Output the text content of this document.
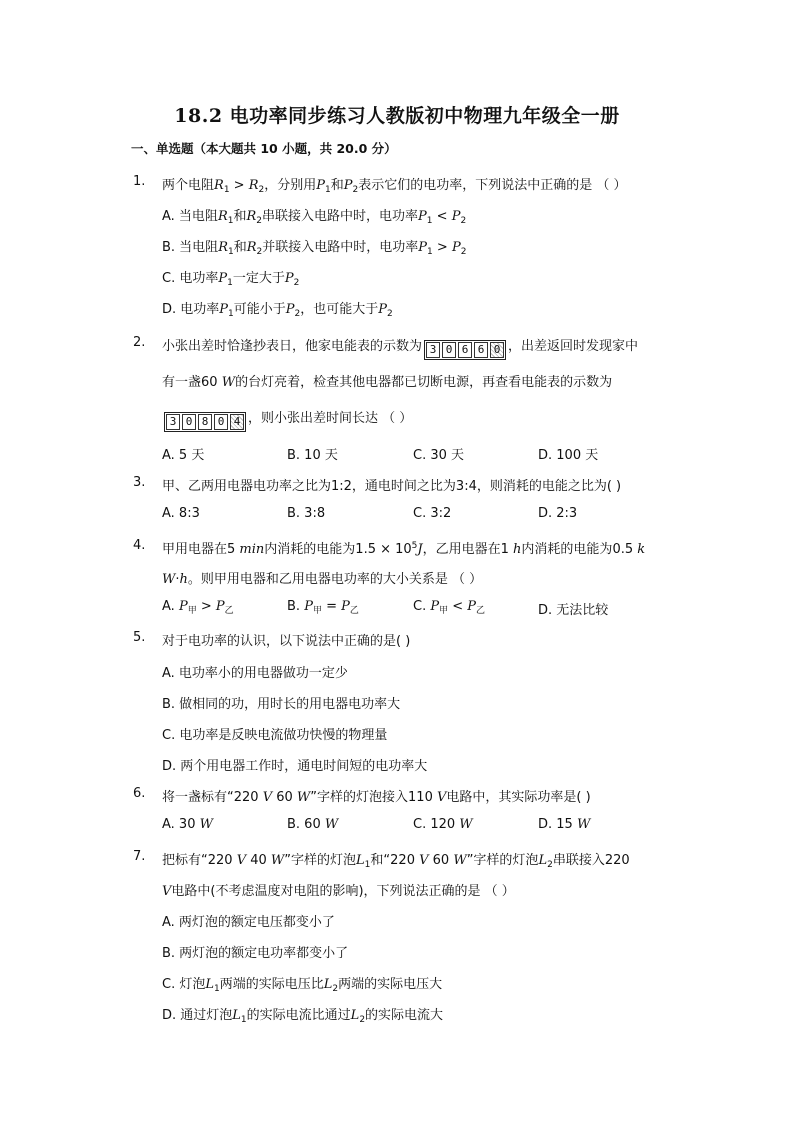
18.2 电功率同步练习人教版初中物理九年级全一册
一、单选题（本大题共 10 小题，共 20.0 分）
1. 两个电阻$R_1 > R_2$，分别用$P_1$和$P_2$表示它们的电功率，下列说法中正确的是 （ ）
A. 当电阻$R_1$和$R_2$串联接入电路中时，电功率$P_1 < P_2$
B. 当电阻$R_1$和$R_2$并联接入电路中时，电功率$P_1 > P_2$
C. 电功率$P_1$一定大于$P_2$
D. 电功率$P_1$可能小于$P_2$，也可能大于$P_2$
2. 小张出差时恰逢抄表日，他家电能表的示数为 3 0 6 6 0 ，出差返回时发现家中
有一盏60 W的台灯亮着，检查其他电器都已切断电源，再查看电能表的示数为
3 0 8 0 4 ，则小张出差时间长达 （ ）
A. 5 天	B. 10 天	C. 30 天	D. 100 天
3. 甲、乙两用电器电功率之比为1:2，通电时间之比为3:4，则消耗的电能之比为( )
A. 8:3	B. 3:8	C. 3:2	D. 2:3
4. 甲用电器在5 min内消耗的电能为$1.5 \times 10^5J$，乙用电器在1 h内消耗的电能为0.5 k
W·h。则甲用电器和乙用电器电功率的大小关系是 （ ）
A. $P_甲 > P_乙$	B. $P_甲 = P_乙$	C. $P_甲 < P_乙$	D. 无法比较
5. 对于电功率的认识，以下说法中正确的是( )
A. 电功率小的用电器做功一定少
B. 做相同的功，用时长的用电器电功率大
C. 电功率是反映电流做功快慢的物理量
D. 两个用电器工作时，通电时间短的电功率大
6. 将一盏标有“220 V 60 W”字样的灯泡接入110 V电路中，其实际功率是( )
A. 30 W	B. 60 W	C. 120 W	D. 15 W
7. 把标有“220 V 40 W”字样的灯泡$L_1$和“220 V 60 W”字样的灯泡$L_2$串联接入220
V电路中(不考虑温度对电阻的影响)，下列说法正确的是 （ ）
A. 两灯泡的额定电压都变小了
B. 两灯泡的额定电功率都变小了
C. 灯泡$L_1$两端的实际电压比$L_2$两端的实际电压大
D. 通过灯泡$L_1$的实际电流比通过$L_2$的实际电流大
